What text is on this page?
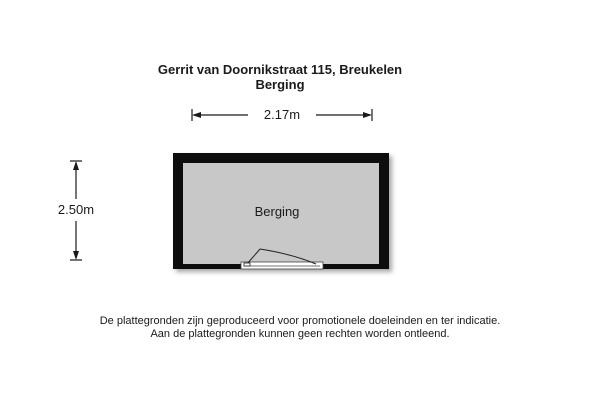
Gerrit van Doornikstraat 115, Breukelen
Berging
2.17m
2.50m	Berging
De plattegronden zijn geproduceerd voor promotionele doeleinden en ter indicatie.
Aan de plattegronden kunnen geen rechten worden ontleend.
